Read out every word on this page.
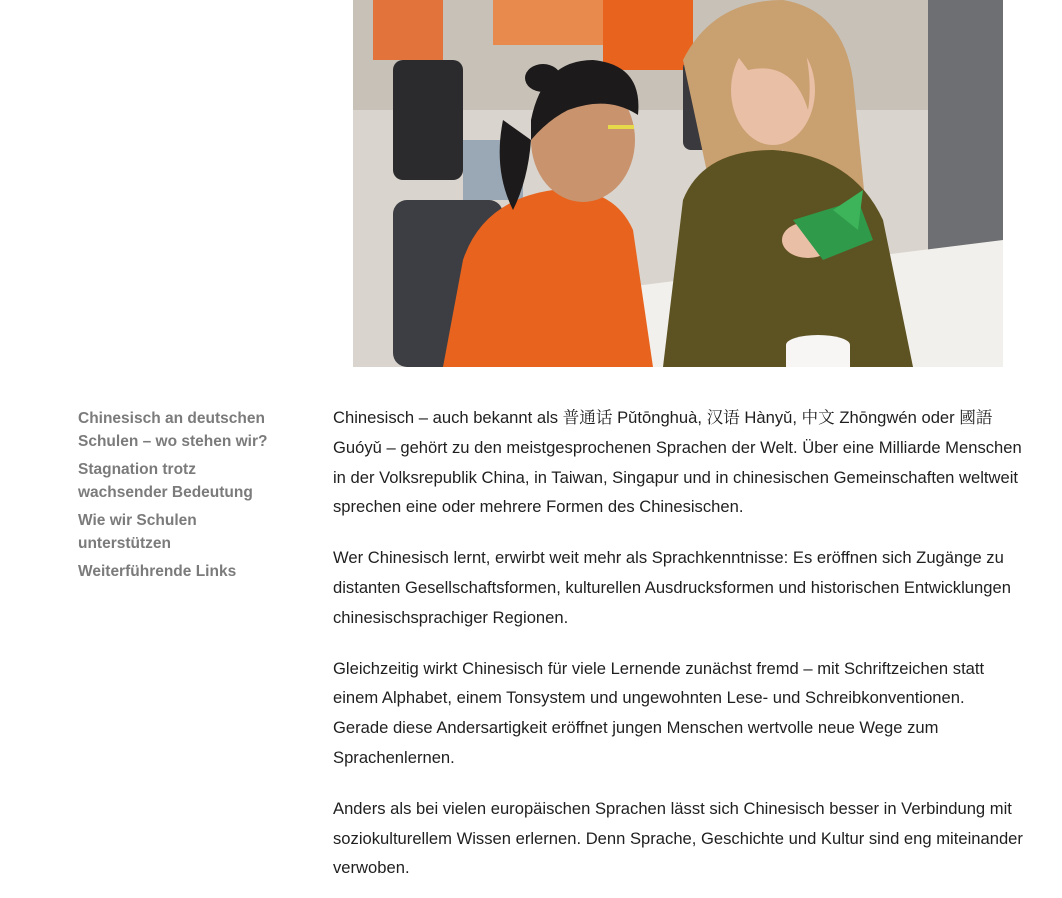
Chinesisch an deutschen Schulen – wo stehen wir?
Stagnation trotz wachsender Bedeutung
Wie wir Schulen unterstützen
Weiterführende Links

Chinesisch – auch bekannt als 普通话 Pǔtōnghuà, 汉语 Hànyǔ, 中文 Zhōngwén oder 國語 Guóyǔ – gehört zu den meistgesprochenen Sprachen der Welt. Über eine Milliarde Menschen in der Volksrepublik China, in Taiwan, Singapur und in chinesischen Gemeinschaften weltweit sprechen eine oder mehrere Formen des Chinesischen.

Wer Chinesisch lernt, erwirbt weit mehr als Sprachkenntnisse: Es eröffnen sich Zugänge zu distanten Gesellschaftsformen, kulturellen Ausdrucksformen und historischen Entwicklungen chinesischsprachiger Regionen.

Gleichzeitig wirkt Chinesisch für viele Lernende zunächst fremd – mit Schriftzeichen statt einem Alphabet, einem Tonsystem und ungewohnten Lese- und Schreibkonventionen. Gerade diese Andersartigkeit eröffnet jungen Menschen wertvolle neue Wege zum Sprachenlernen.

Anders als bei vielen europäischen Sprachen lässt sich Chinesisch besser in Verbindung mit soziokulturellem Wissen erlernen. Denn Sprache, Geschichte und Kultur sind eng miteinander verwoben.
